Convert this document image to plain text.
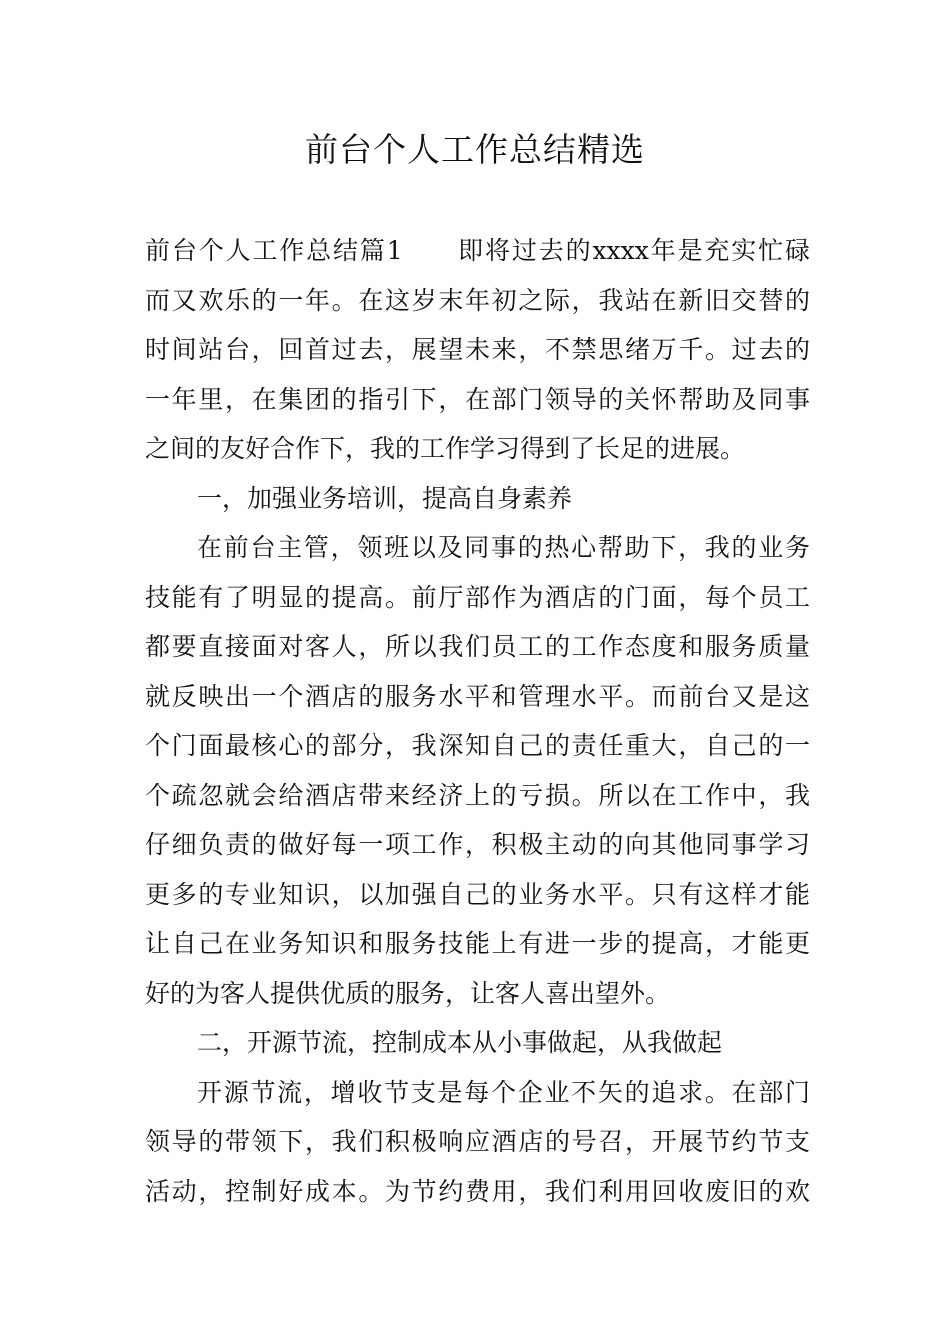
前台个人工作总结精选
前台个人工作总结篇1　　即将过去的xxxx年是充实忙碌
而又欢乐的一年。在这岁末年初之际，我站在新旧交替的
时间站台，回首过去，展望未来，不禁思绪万千。过去的
一年里，在集团的指引下，在部门领导的关怀帮助及同事
之间的友好合作下，我的工作学习得到了长足的进展。
一，加强业务培训，提高自身素养
在前台主管，领班以及同事的热心帮助下，我的业务
技能有了明显的提高。前厅部作为酒店的门面，每个员工
都要直接面对客人，所以我们员工的工作态度和服务质量
就反映出一个酒店的服务水平和管理水平。而前台又是这
个门面最核心的部分，我深知自己的责任重大，自己的一
个疏忽就会给酒店带来经济上的亏损。所以在工作中，我
仔细负责的做好每一项工作，积极主动的向其他同事学习
更多的专业知识，以加强自己的业务水平。只有这样才能
让自己在业务知识和服务技能上有进一步的提高，才能更
好的为客人提供优质的服务，让客人喜出望外。
二，开源节流，控制成本从小事做起，从我做起
开源节流，增收节支是每个企业不矢的追求。在部门
领导的带领下，我们积极响应酒店的号召，开展节约节支
活动，控制好成本。为节约费用，我们利用回收废旧的欢
